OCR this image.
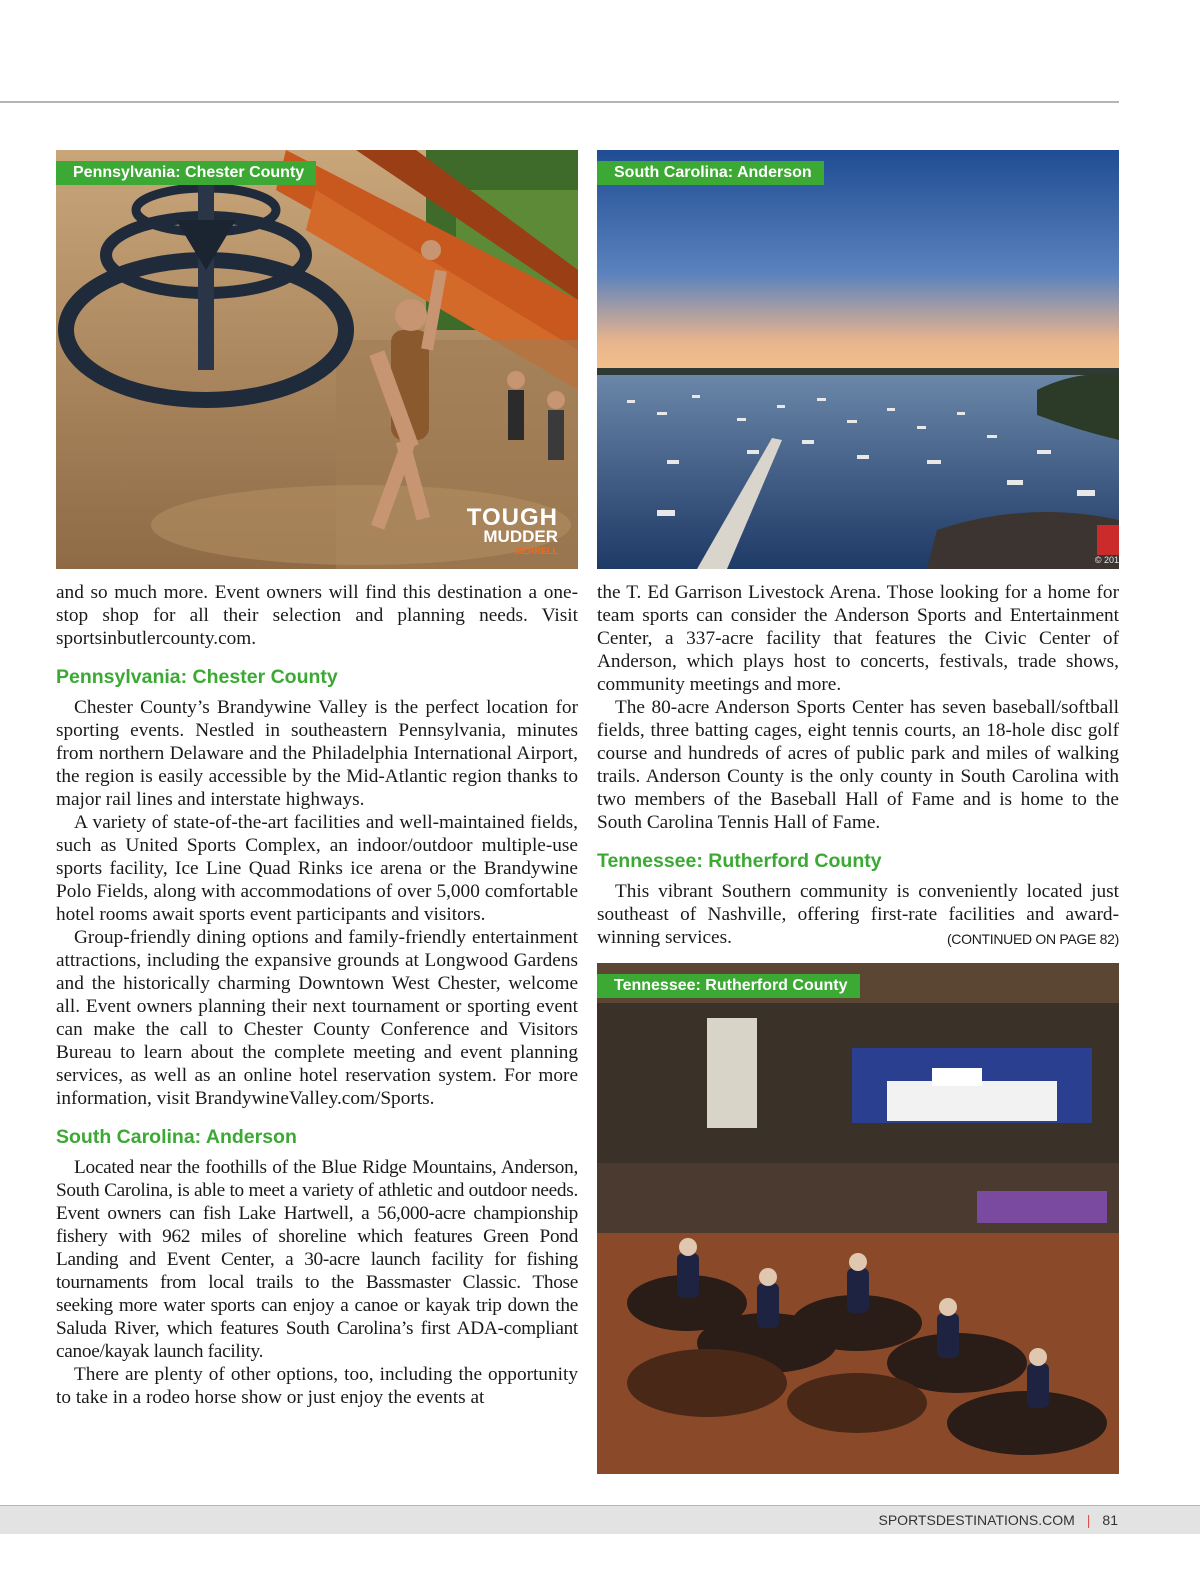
TOUGH
MUDDER
MERRELL
Pennsylvania: Chester County
© 201
South Carolina: Anderson
Tennessee: Rutherford County

and so much more. Event owners will find this destination a one-stop shop for all their selection and planning needs. Visit sportsinbutlercounty.com.

Pennsylvania: Chester County

Chester County’s Brandywine Valley is the perfect location for sporting events. Nestled in southeastern Pennsylvania, minutes from northern Delaware and the Philadelphia International Airport, the region is easily accessible by the Mid-Atlantic region thanks to major rail lines and interstate highways.

A variety of state-of-the-art facilities and well-maintained fields, such as United Sports Complex, an indoor/outdoor multiple-use sports facility, Ice Line Quad Rinks ice arena or the Brandywine Polo Fields, along with accommodations of over 5,000 comfortable hotel rooms await sports event participants and visitors.

Group-friendly dining options and family-friendly entertainment attractions, including the expansive grounds at Longwood Gardens and the historically charming Downtown West Chester, welcome all. Event owners planning their next tournament or sporting event can make the call to Chester County Conference and Visitors Bureau to learn about the complete meeting and event planning services, as well as an online hotel reservation system. For more information, visit BrandywineValley.com/Sports.

South Carolina: Anderson

Located near the foothills of the Blue Ridge Mountains, Anderson, South Carolina, is able to meet a variety of athletic and outdoor needs. Event owners can fish Lake Hartwell, a 56,000-acre championship fishery with 962 miles of shoreline which features Green Pond Landing and Event Center, a 30-acre launch facility for fishing tournaments from local trails to the Bassmaster Classic. Those seeking more water sports can enjoy a canoe or kayak trip down the Saluda River, which features South Carolina’s first ADA-compliant canoe/kayak launch facility.

There are plenty of other options, too, including the opportunity to take in a rodeo horse show or just enjoy the events at

the T. Ed Garrison Livestock Arena. Those looking for a home for team sports can consider the Anderson Sports and Entertainment Center, a 337-acre facility that features the Civic Center of Anderson, which plays host to concerts, festivals, trade shows, community meetings and more.

The 80-acre Anderson Sports Center has seven baseball/softball fields, three batting cages, eight tennis courts, an 18-hole disc golf course and hundreds of acres of public park and miles of walking trails. Anderson County is the only county in South Carolina with two members of the Baseball Hall of Fame and is home to the South Carolina Tennis Hall of Fame.

Tennessee: Rutherford County

This vibrant Southern community is conveniently located just southeast of Nashville, offering first-rate facilities and award-winning services.	(CONTINUED ON PAGE 82)

SPORTSDESTINATIONS.COM | 81
